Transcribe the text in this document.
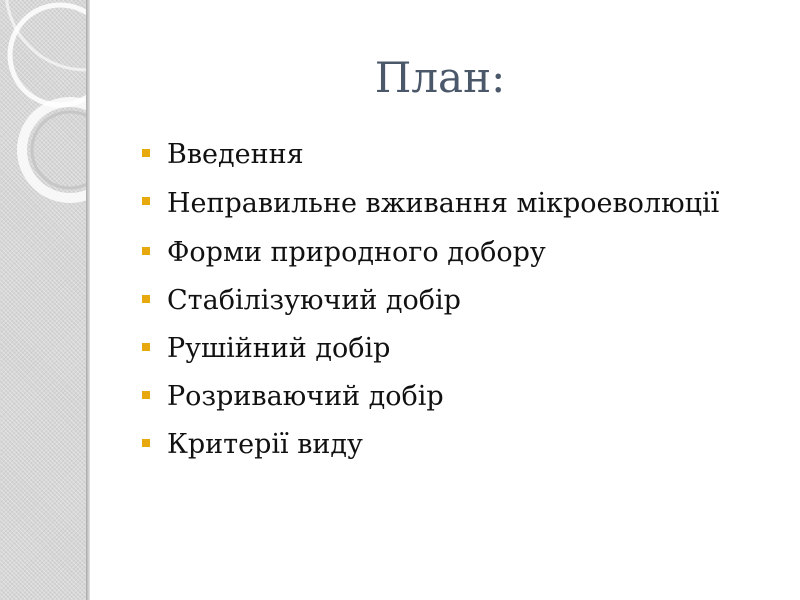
План:
Введення
Неправильне вживання мікроеволюції
Форми природного добору
Стабілізуючий добір
Рушійний добір
Розриваючий добір
Критерії виду
